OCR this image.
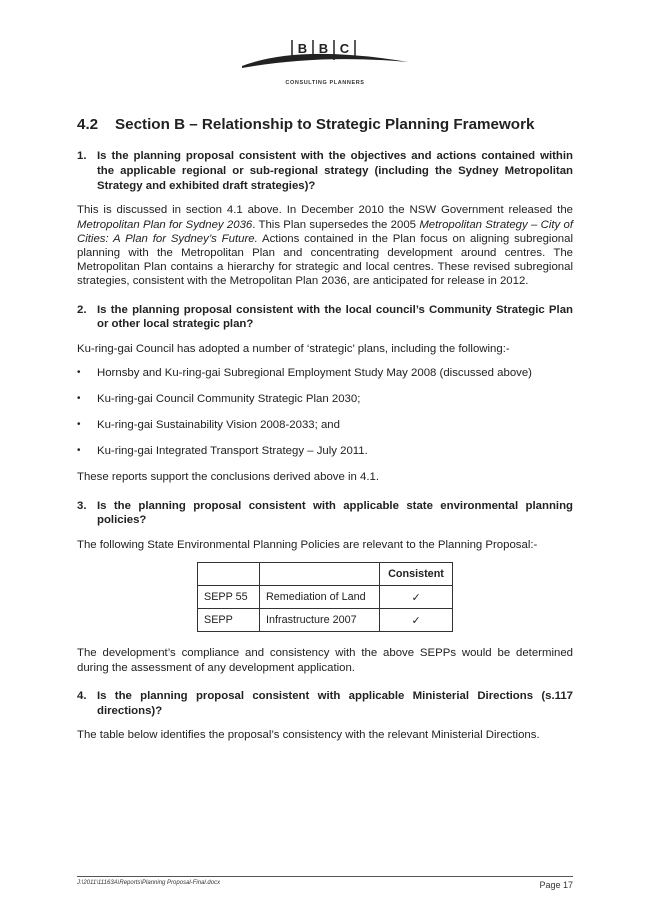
B B C
CONSULTING PLANNERS
4.2	Section B – Relationship to Strategic Planning Framework
1. Is the planning proposal consistent with the objectives and actions contained within the applicable regional or sub-regional strategy (including the Sydney Metropolitan Strategy and exhibited draft strategies)?

This is discussed in section 4.1 above. In December 2010 the NSW Government released the Metropolitan Plan for Sydney 2036. This Plan supersedes the 2005 Metropolitan Strategy – City of Cities: A Plan for Sydney’s Future. Actions contained in the Plan focus on aligning subregional planning with the Metropolitan Plan and concentrating development around centres. The Metropolitan Plan contains a hierarchy for strategic and local centres. These revised subregional strategies, consistent with the Metropolitan Plan 2036, are anticipated for release in 2012.

2. Is the planning proposal consistent with the local council’s Community Strategic Plan or other local strategic plan?

Ku-ring-gai Council has adopted a number of ‘strategic’ plans, including the following:-

•	Hornsby and Ku-ring-gai Subregional Employment Study May 2008 (discussed above)
•	Ku-ring-gai Council Community Strategic Plan 2030;
•	Ku-ring-gai Sustainability Vision 2008-2033; and
•	Ku-ring-gai Integrated Transport Strategy – July 2011.

These reports support the conclusions derived above in 4.1.

3. Is the planning proposal consistent with applicable state environmental planning policies?

The following State Environmental Planning Policies are relevant to the Planning Proposal:-

		Consistent
SEPP 55	Remediation of Land	✓
SEPP	Infrastructure 2007	✓

The development’s compliance and consistency with the above SEPPs would be determined during the assessment of any development application.

4. Is the planning proposal consistent with applicable Ministerial Directions (s.117 directions)?

The table below identifies the proposal’s consistency with the relevant Ministerial Directions.

J:\2011\11163A\Reports\Planning Proposal-Final.docx	Page 17
